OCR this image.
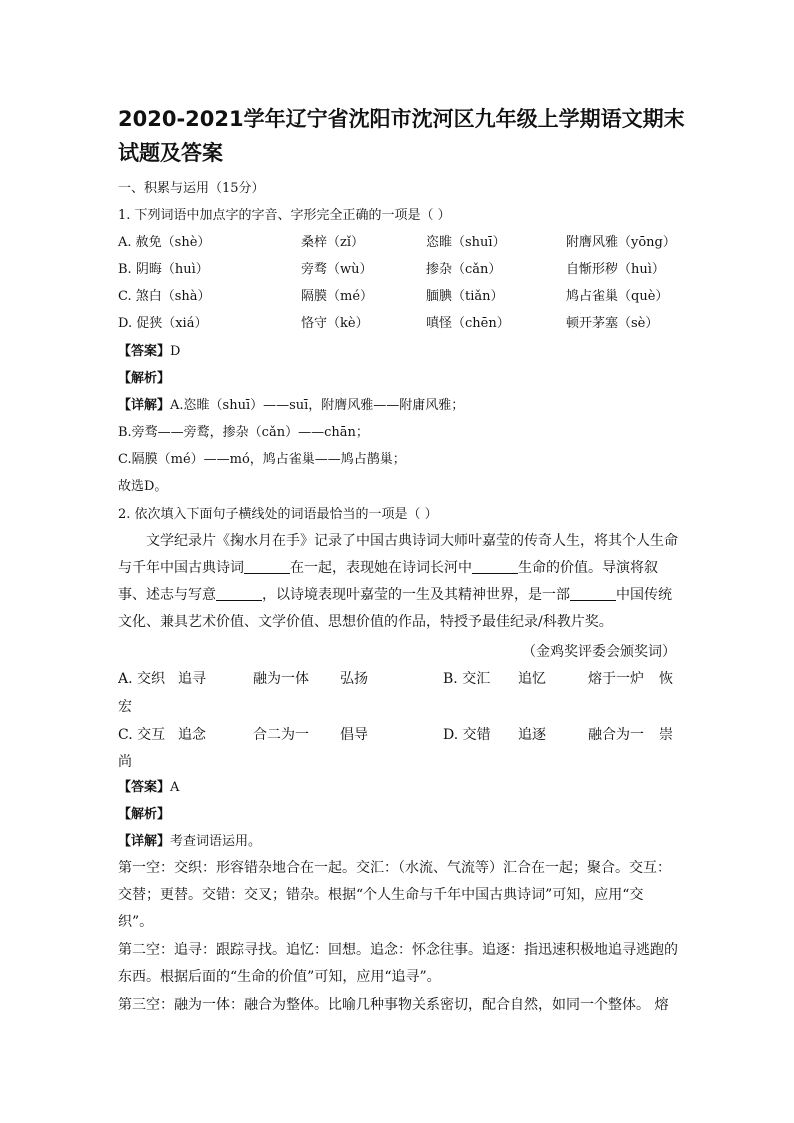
2020-2021学年辽宁省沈阳市沈河区九年级上学期语文期末
试题及答案
一、积累与运用（15分）
1. 下列词语中加点字的字音、字形完全正确的一项是（ ）
A. 赦免（shè）	桑梓（zǐ）	恣睢（shuī）	附膺风雅（yōng）
B. 阴晦（huì）	旁骛（wù）	掺杂（cǎn）	自惭形秽（huì）
C. 煞白（shà）	隔膜（mé）	腼腆（tiǎn）	鸠占雀巢（què）
D. 促狭（xiá）	恪守（kè）	嗔怪（chēn）	顿开茅塞（sè）
【答案】D
【解析】
【详解】A.恣睢（shuī）——suī，附膺风雅——附庸风雅；
B.旁骛——旁鹜，掺杂（cǎn）——chān；
C.隔膜（mé）——mó，鸠占雀巢——鸠占鹊巢；
故选D。
2. 依次填入下面句子横线处的词语最恰当的一项是（ ）
文学纪录片《掬水月在手》记录了中国古典诗词大师叶嘉莹的传奇人生，将其个人生命与千年中国古典诗词	在一起，表现她在诗词长河中	生命的价值。导演将叙事、述志与写意	，以诗境表现叶嘉莹的一生及其精神世界，是一部	中国传统文化、兼具艺术价值、文学价值、思想价值的作品，特授予最佳纪录/科教片奖。
（金鸡奖评委会颁奖词）
A. 交织 追寻	融为一体 弘扬	B. 交汇 追忆	熔于一炉 恢
宏
C. 交互 追念	合二为一 倡导	D. 交错 追逐	融合为一 崇
尚
【答案】A
【解析】
【详解】考查词语运用。
第一空：交织：形容错杂地合在一起。交汇：（水流、气流等）汇合在一起；聚合。交互：交替；更替。交错：交叉；错杂。根据“个人生命与千年中国古典诗词”可知，应用“交织”。
第二空：追寻：跟踪寻找。追忆：回想。追念：怀念往事。追逐：指迅速积极地追寻逃跑的东西。根据后面的“生命的价值”可知，应用“追寻”。
第三空：融为一体：融合为整体。比喻几种事物关系密切，配合自然，如同一个整体。 熔
